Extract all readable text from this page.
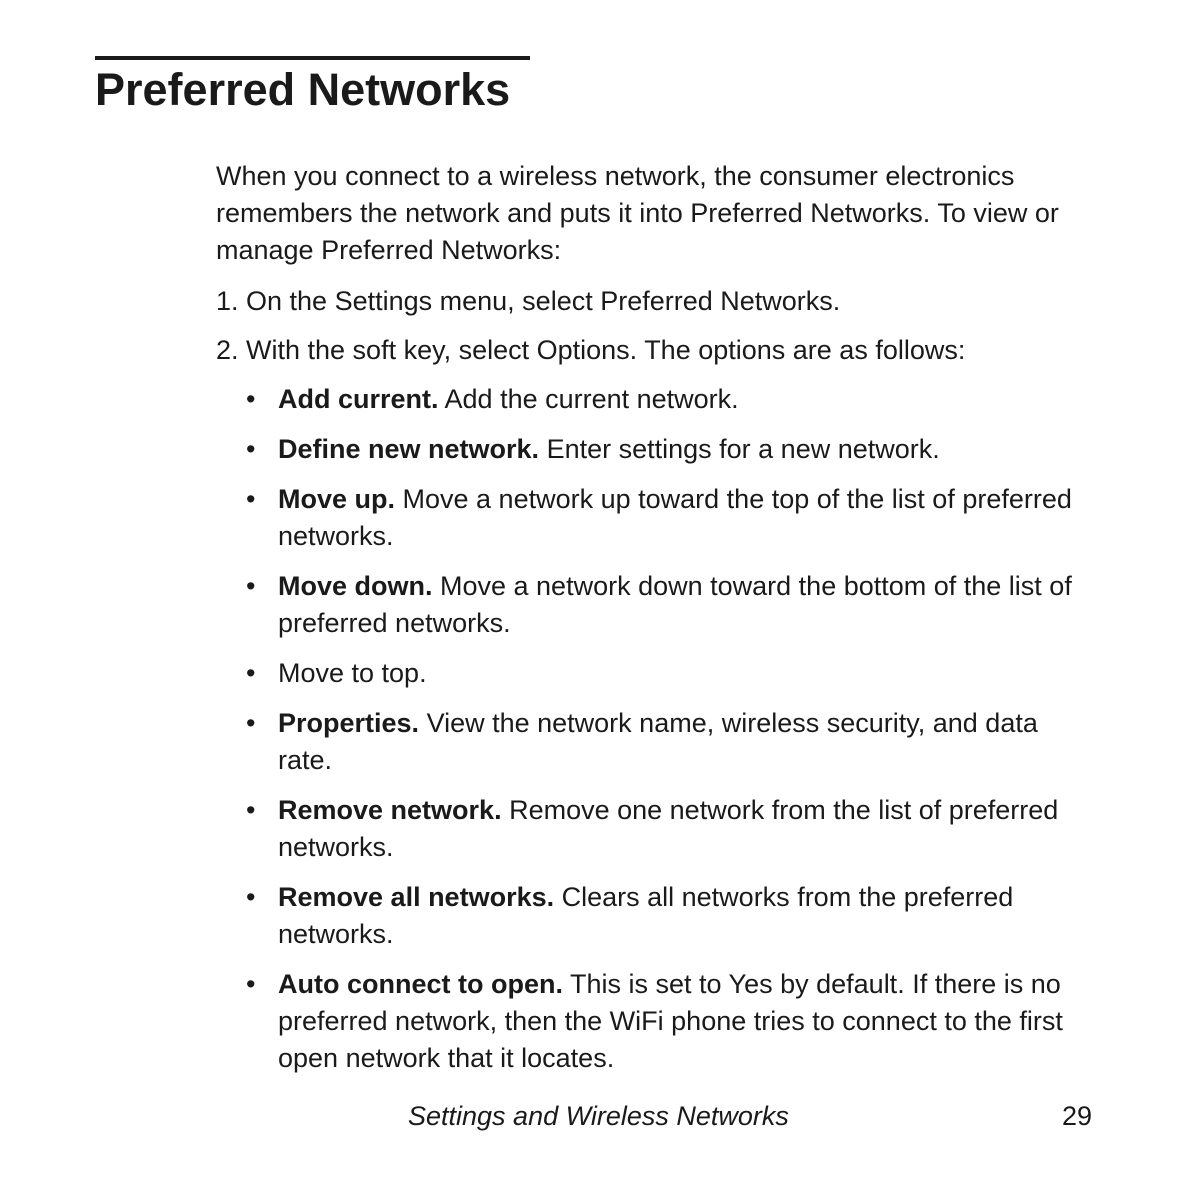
Preferred Networks

When you connect to a wireless network, the consumer electronics remembers the network and puts it into Preferred Networks. To view or manage Preferred Networks:

1. On the Settings menu, select Preferred Networks.

2. With the soft key, select Options. The options are as follows:

• Add current. Add the current network.
• Define new network. Enter settings for a new network.
• Move up. Move a network up toward the top of the list of preferred networks.
• Move down. Move a network down toward the bottom of the list of preferred networks.
• Move to top.
• Properties. View the network name, wireless security, and data rate.
• Remove network. Remove one network from the list of preferred networks.
• Remove all networks. Clears all networks from the preferred networks.
• Auto connect to open. This is set to Yes by default. If there is no preferred network, then the WiFi phone tries to connect to the first open network that it locates.
Settings and Wireless Networks	29
